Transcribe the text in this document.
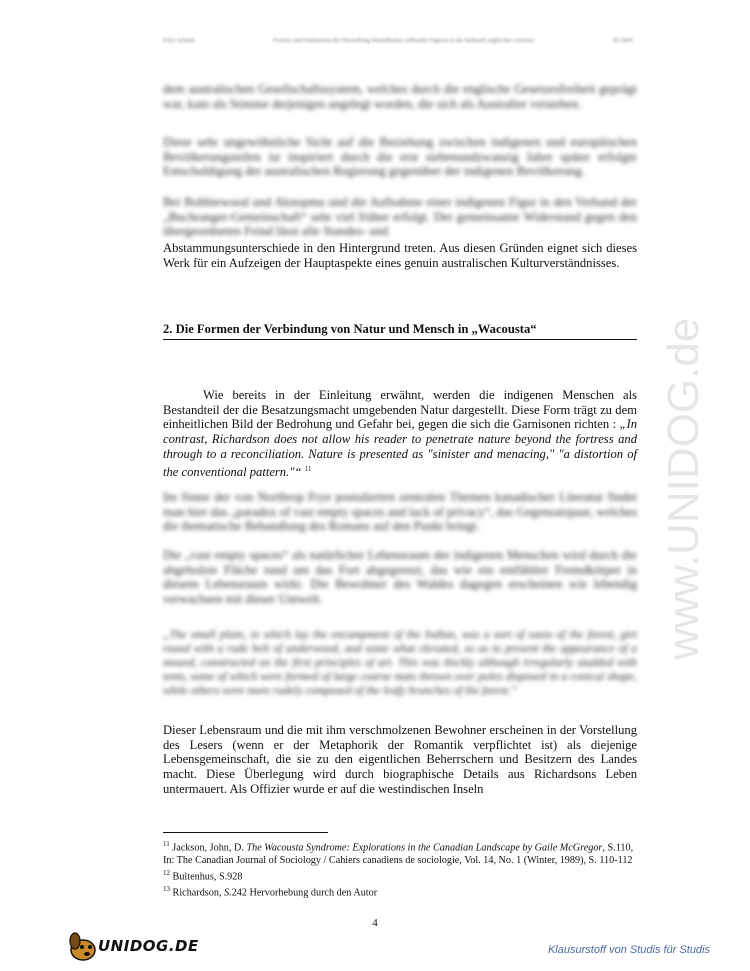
Felix Schulte	Formen und Funktionen der Darstellung Identifikation stiftender Figuren in der kulturell anglisches Literatur	SS 2005
dem australischen Gesellschaftssystem, welches durch die englische Gesetzesfreiheit geprägt war, kam als Stimme derjenigen angelegt worden, die sich als Australier verstehen.
Diese sehr ungewöhnliche Sicht auf die Beziehung zwischen indigenen und europäischen Bevölkerungsteilen ist inspiriert durch die erst siebenundzwanzig Jahre später erfolgte Entschuldigung der australischen Regierung gegenüber der indigenen Bevölkerung.
Bei Bobbiewood und Aknopmu und die Aufnahme einer indigenen Figur in den Verband der „Buchranger-Gemeinschaft“ sehr viel früher erfolgt. Der gemeinsame Widerstand gegen den übergeordneten Feind lässt alle Standes- und
Abstammungsunterschiede in den Hintergrund treten. Aus diesen Gründen eignet sich dieses Werk für ein Aufzeigen der Hauptaspekte eines genuin australischen Kulturverständnisses.
2. Die Formen der Verbindung von Natur und Mensch in „Wacousta“
Wie bereits in der Einleitung erwähnt, werden die indigenen Menschen als Bestandteil der die Besatzungsmacht umgebenden Natur dargestellt. Diese Form trägt zu dem einheitlichen Bild der Bedrohung und Gefahr bei, gegen die sich die Garnisonen richten : „In contrast, Richardson does not allow his reader to penetrate nature beyond the fortress and through to a reconciliation. Nature is presented as "sinister and menacing," "a distortion of the conventional pattern."“ $^{11}$
Im Sinne der von Northrop Frye postulierten zentralen Themen kanadischer Literatur findet man hier das „paradox of vast empty spaces and lack of privacy“, das Gegensatzpaar, welches die thematische Behandlung des Romans auf den Punkt bringt.
Die „vast empty spaces“ als natürlicher Lebensraum der indigenen Menschen wird durch die abgeholzte Fläche rund um das Fort abgegrenzt, das wie ein entfühlter Fremdkörper in diesem Lebensraum wirkt. Die Bewohner des Waldes dagegen erscheinen wie lebendig verwachsen mit dieser Umwelt.
„The small plain, in which lay the encampment of the Indian, was a sort of oasis of the forest, girt round with a rude belt of underwood, and some what elevated, so as to present the appearance of a mound, constructed on the first principles of art. This was thickly although irregularly studded with tents, some of which were formed of large coarse mats thrown over poles disposed in a conical shape, while others were more rudely composed of the leafy branches of the forest.“
Dieser Lebensraum und die mit ihm verschmolzenen Bewohner erscheinen in der Vorstellung des Lesers (wenn er der Metaphorik der Romantik verpflichtet ist) als diejenige Lebensgemeinschaft, die sie zu den eigentlichen Beherrschern und Besitzern des Landes macht. Diese Überlegung wird durch biographische Details aus Richardsons Leben untermauert. Als Offizier wurde er auf die westindischen Inseln

$^{11}$ Jackson, John, D. The Wacousta Syndrome: Explorations in the Canadian Landscape by Gaile McGregor, S.110, In: The Canadian Journal of Sociology / Cahiers canadiens de sociologie, Vol. 14, No. 1 (Winter, 1989), S. 110-112

$^{12}$ Buitenhus, S.928

$^{13}$ Richardson, S.242 Hervorhebung durch den Autor

4
UNIDOG.DE	Klausurstoff von Studis für Studis
www.UNIDOG.de
